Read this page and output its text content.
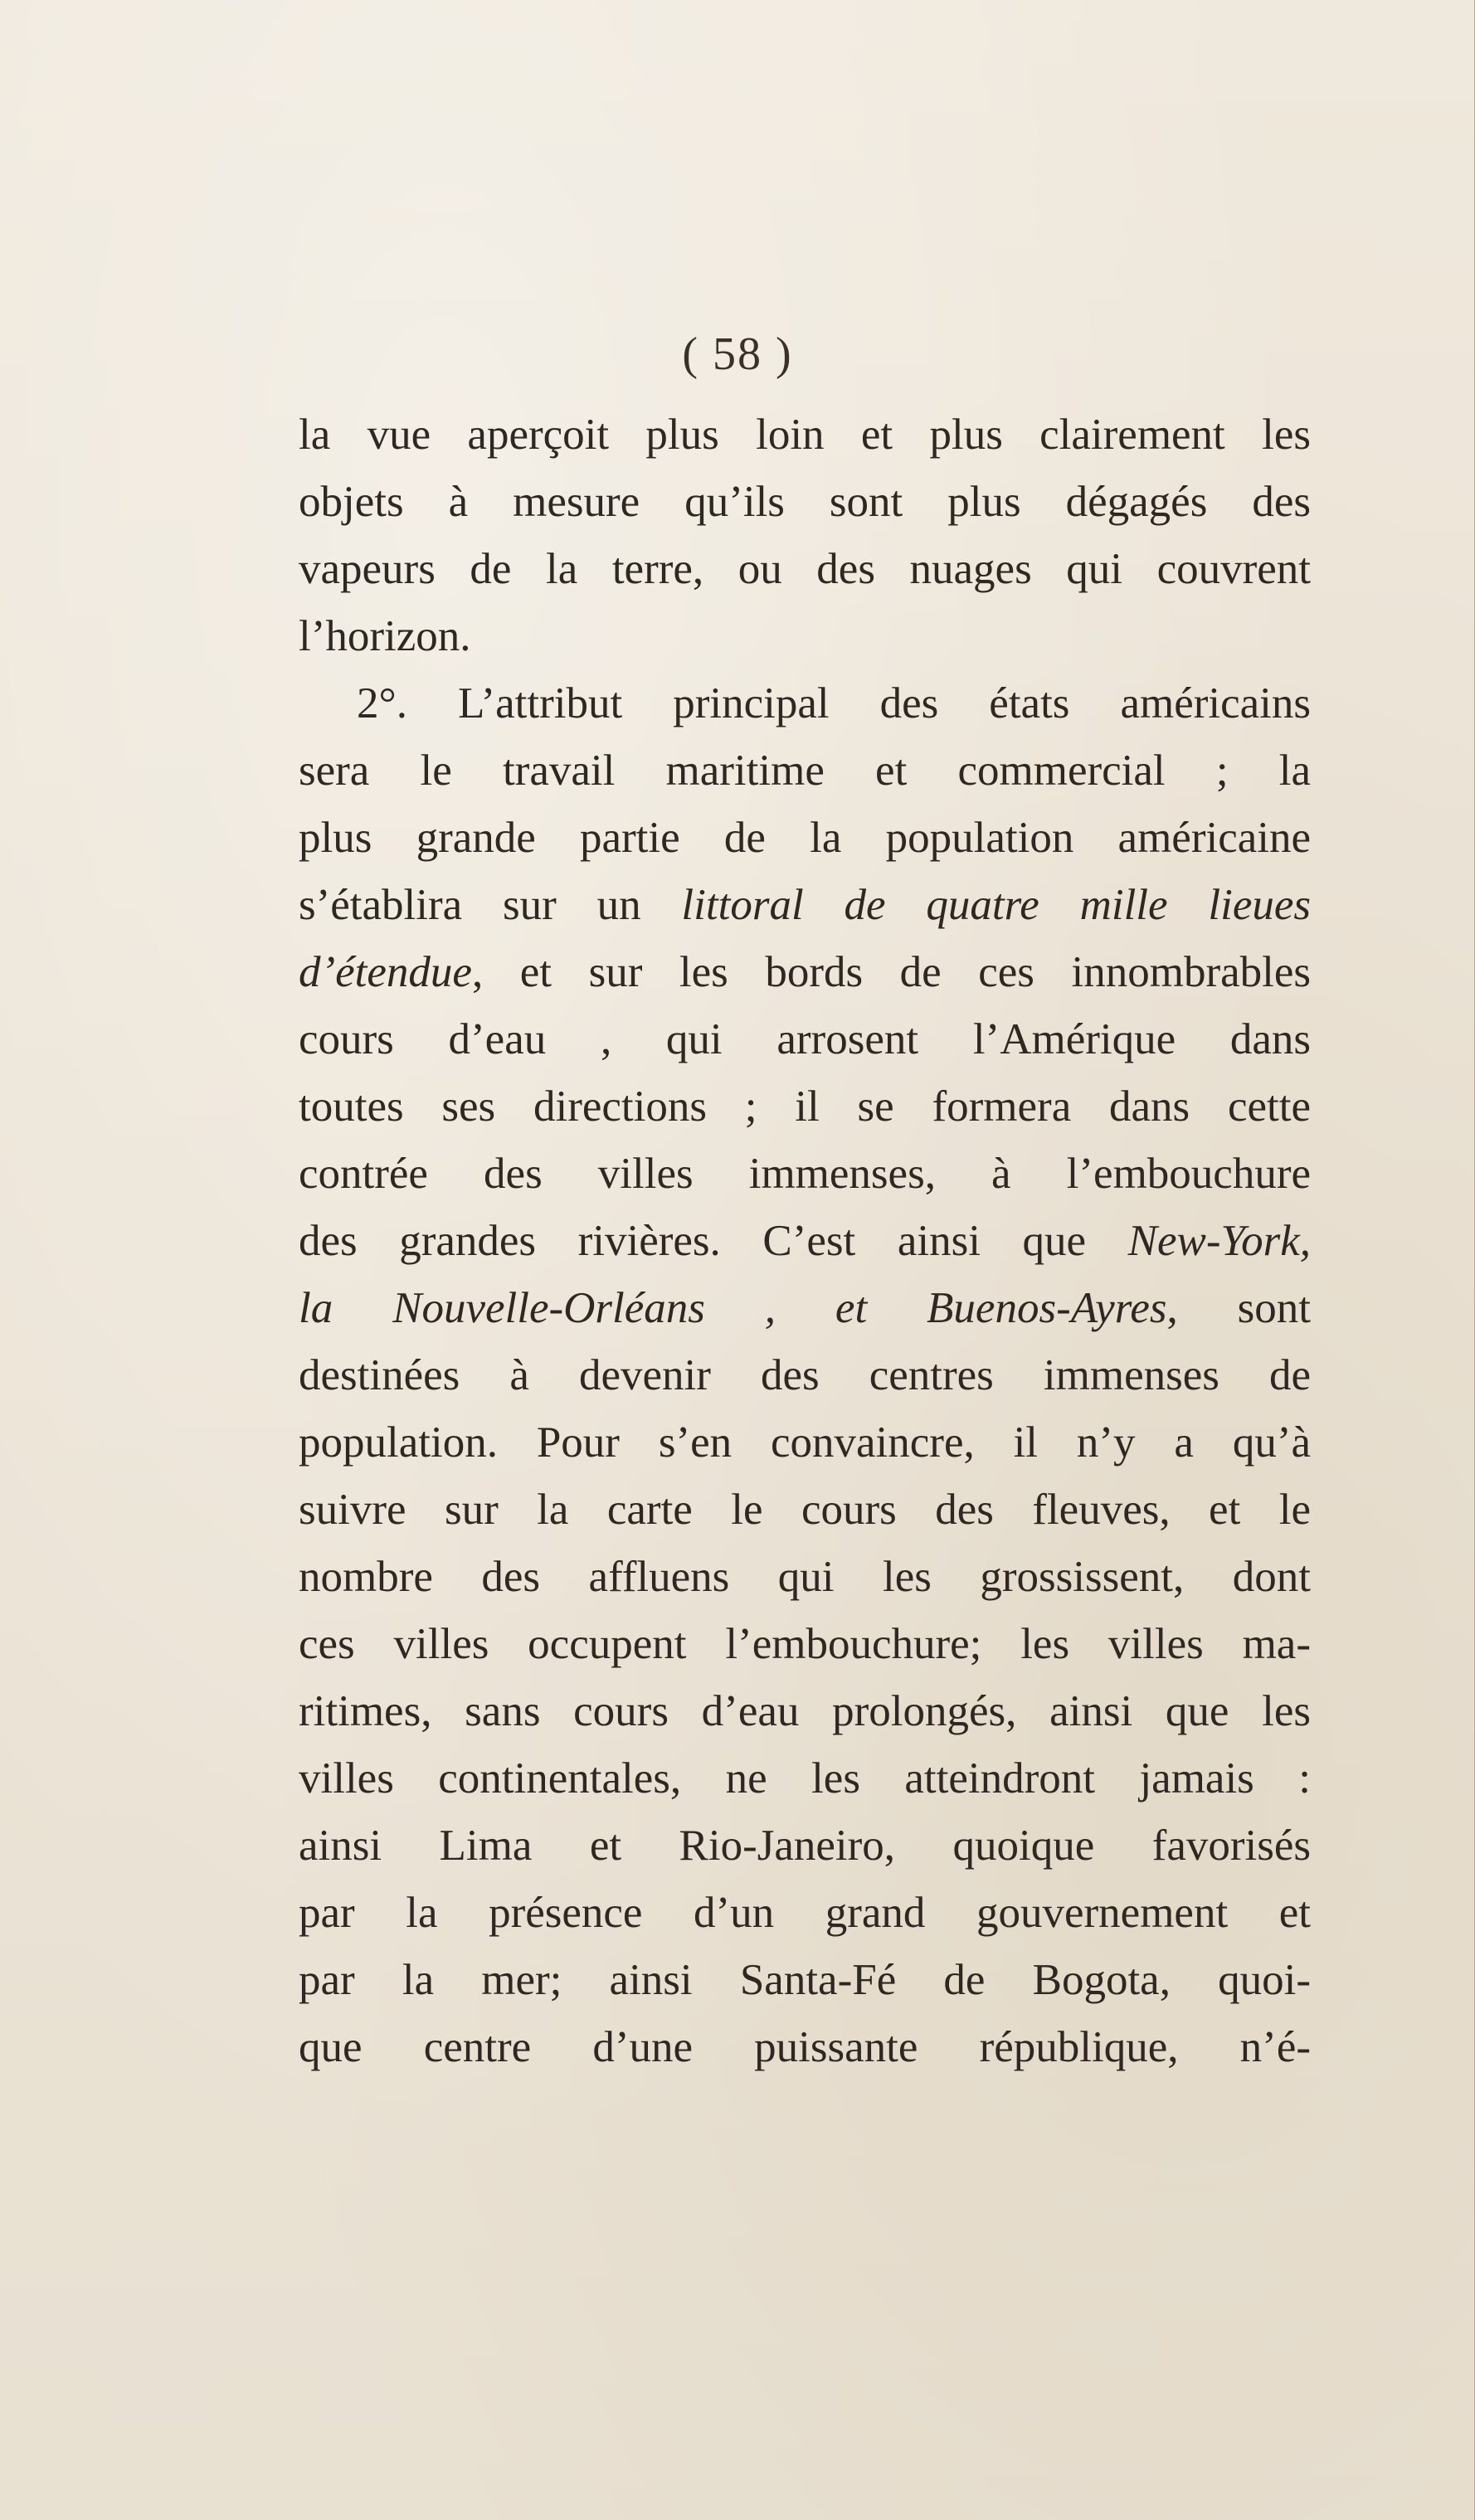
( 58 )
la vue aperçoit plus loin et plus clairement les
objets à mesure qu’ils sont plus dégagés des
vapeurs de la terre, ou des nuages qui couvrent
l’horizon.
2°. L’attribut principal des états américains
sera le travail maritime et commercial ; la
plus grande partie de la population américaine
s’établira sur un littoral de quatre mille lieues
d’étendue, et sur les bords de ces innombrables
cours d’eau , qui arrosent l’Amérique dans
toutes ses directions ; il se formera dans cette
contrée des villes immenses, à l’embouchure
des grandes rivières. C’est ainsi que New-York,
la Nouvelle-Orléans , et Buenos-Ayres, sont
destinées à devenir des centres immenses de
population. Pour s’en convaincre, il n’y a qu’à
suivre sur la carte le cours des fleuves, et le
nombre des affluens qui les grossissent, dont
ces villes occupent l’embouchure; les villes ma-
ritimes, sans cours d’eau prolongés, ainsi que les
villes continentales, ne les atteindront jamais :
ainsi Lima et Rio-Janeiro, quoique favorisés
par la présence d’un grand gouvernement et
par la mer; ainsi Santa-Fé de Bogota, quoi-
que centre d’une puissante république, n’é-
